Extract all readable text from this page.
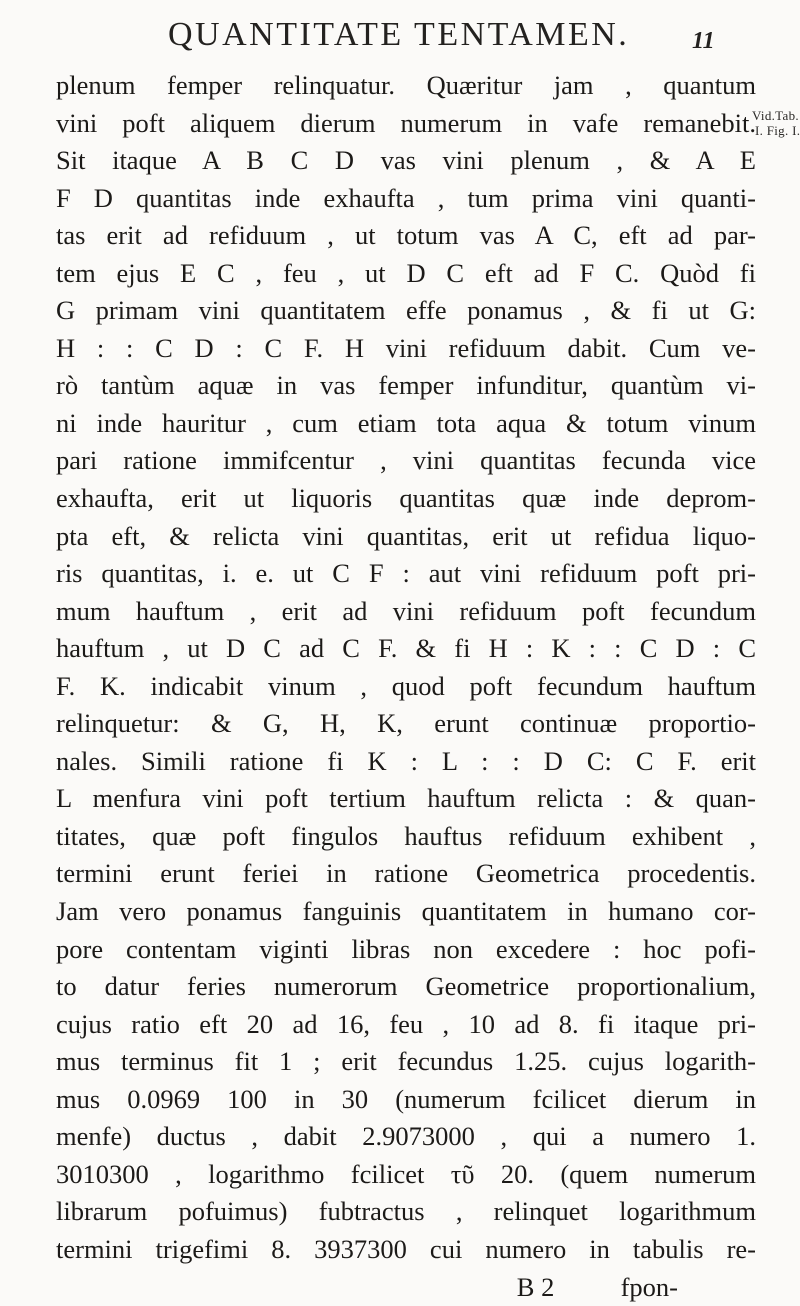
QUANTITATE TENTAMEN.	11
Vid.Tab.
I. Fig. I.
plenum femper relinquatur. Quæritur jam , quantum
vini poft aliquem dierum numerum in vafe remanebit.
Sit itaque A B C D vas vini plenum , & A E
F D quantitas inde exhaufta , tum prima vini quanti-
tas erit ad refiduum , ut totum vas A C, eft ad par-
tem ejus E C , feu , ut D C eft ad F C. Quòd fi
G primam vini quantitatem effe ponamus , & fi ut G:
H : : C D : C F. H vini refiduum dabit. Cum ve-
rò tantùm aquæ in vas femper infunditur, quantùm vi-
ni inde hauritur , cum etiam tota aqua & totum vinum
pari ratione immifcentur , vini quantitas fecunda vice
exhaufta, erit ut liquoris quantitas quæ inde deprom-
pta eft, & relicta vini quantitas, erit ut refidua liquo-
ris quantitas, i. e. ut C F : aut vini refiduum poft pri-
mum hauftum , erit ad vini refiduum poft fecundum
hauftum , ut D C ad C F. & fi H : K : : C D : C
F. K. indicabit vinum , quod poft fecundum hauftum
relinquetur: & G, H, K, erunt continuæ proportio-
nales. Simili ratione fi K : L : : D C: C F. erit
L menfura vini poft tertium hauftum relicta : & quan-
titates, quæ poft fingulos hauftus refiduum exhibent ,
termini erunt feriei in ratione Geometrica procedentis.
Jam vero ponamus fanguinis quantitatem in humano cor-
pore contentam viginti libras non excedere : hoc pofi-
to datur feries numerorum Geometrice proportionalium,
cujus ratio eft 20 ad 16, feu , 10 ad 8. fi itaque pri-
mus terminus fit 1 ; erit fecundus 1.25. cujus logarith-
mus 0.0969 100 in 30 (numerum fcilicet dierum in
menfe) ductus , dabit 2.9073000 , qui a numero 1.
3010300 , logarithmo fcilicet τῦ 20. (quem numerum
librarum pofuimus) fubtractus , relinquet logarithmum
termini trigefimi 8. 3937300 cui numero in tabulis re-
B 2          fpon-
